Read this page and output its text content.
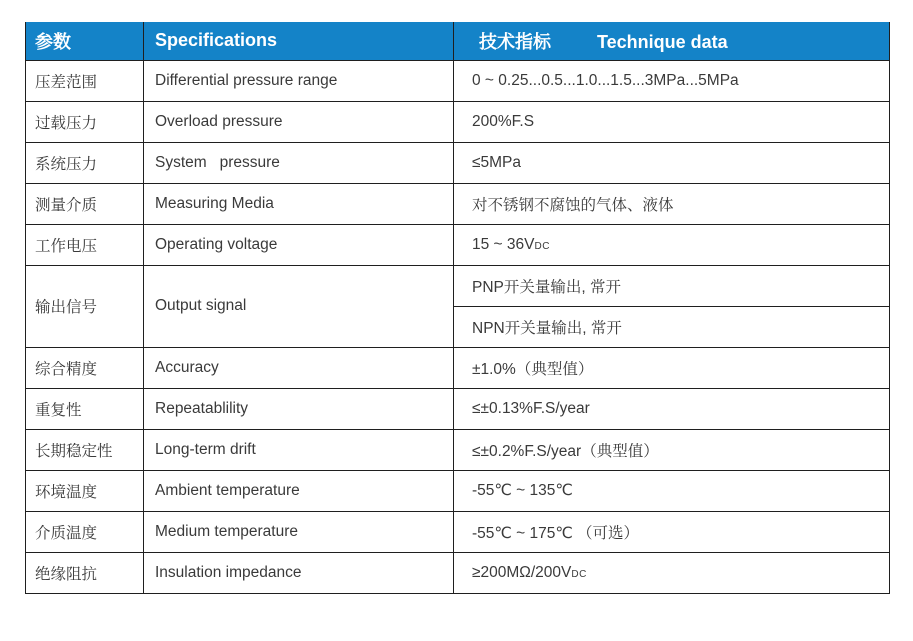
参数	Specifications	技术指标 Technique data
压差范围	Differential pressure range	0 ~ 0.25...0.5...1.0...1.5...3MPa...5MPa
过载压力	Overload pressure	200%F.S
系统压力	System   pressure	≤5MPa
测量介质	Measuring Media	对不锈钢不腐蚀的气体、液体
工作电压	Operating voltage	15 ~ 36VDC
输出信号	Output signal	PNP开关量输出, 常开
		NPN开关量输出, 常开
综合精度	Accuracy	±1.0%（典型值）
重复性	Repeatablility	≤±0.13%F.S/year
长期稳定性	Long-term drift	≤±0.2%F.S/year（典型值）
环境温度	Ambient temperature	-55℃ ~ 135℃
介质温度	Medium temperature	-55℃ ~ 175℃ （可选）
绝缘阻抗	Insulation impedance	≥200MΩ/200VDC
